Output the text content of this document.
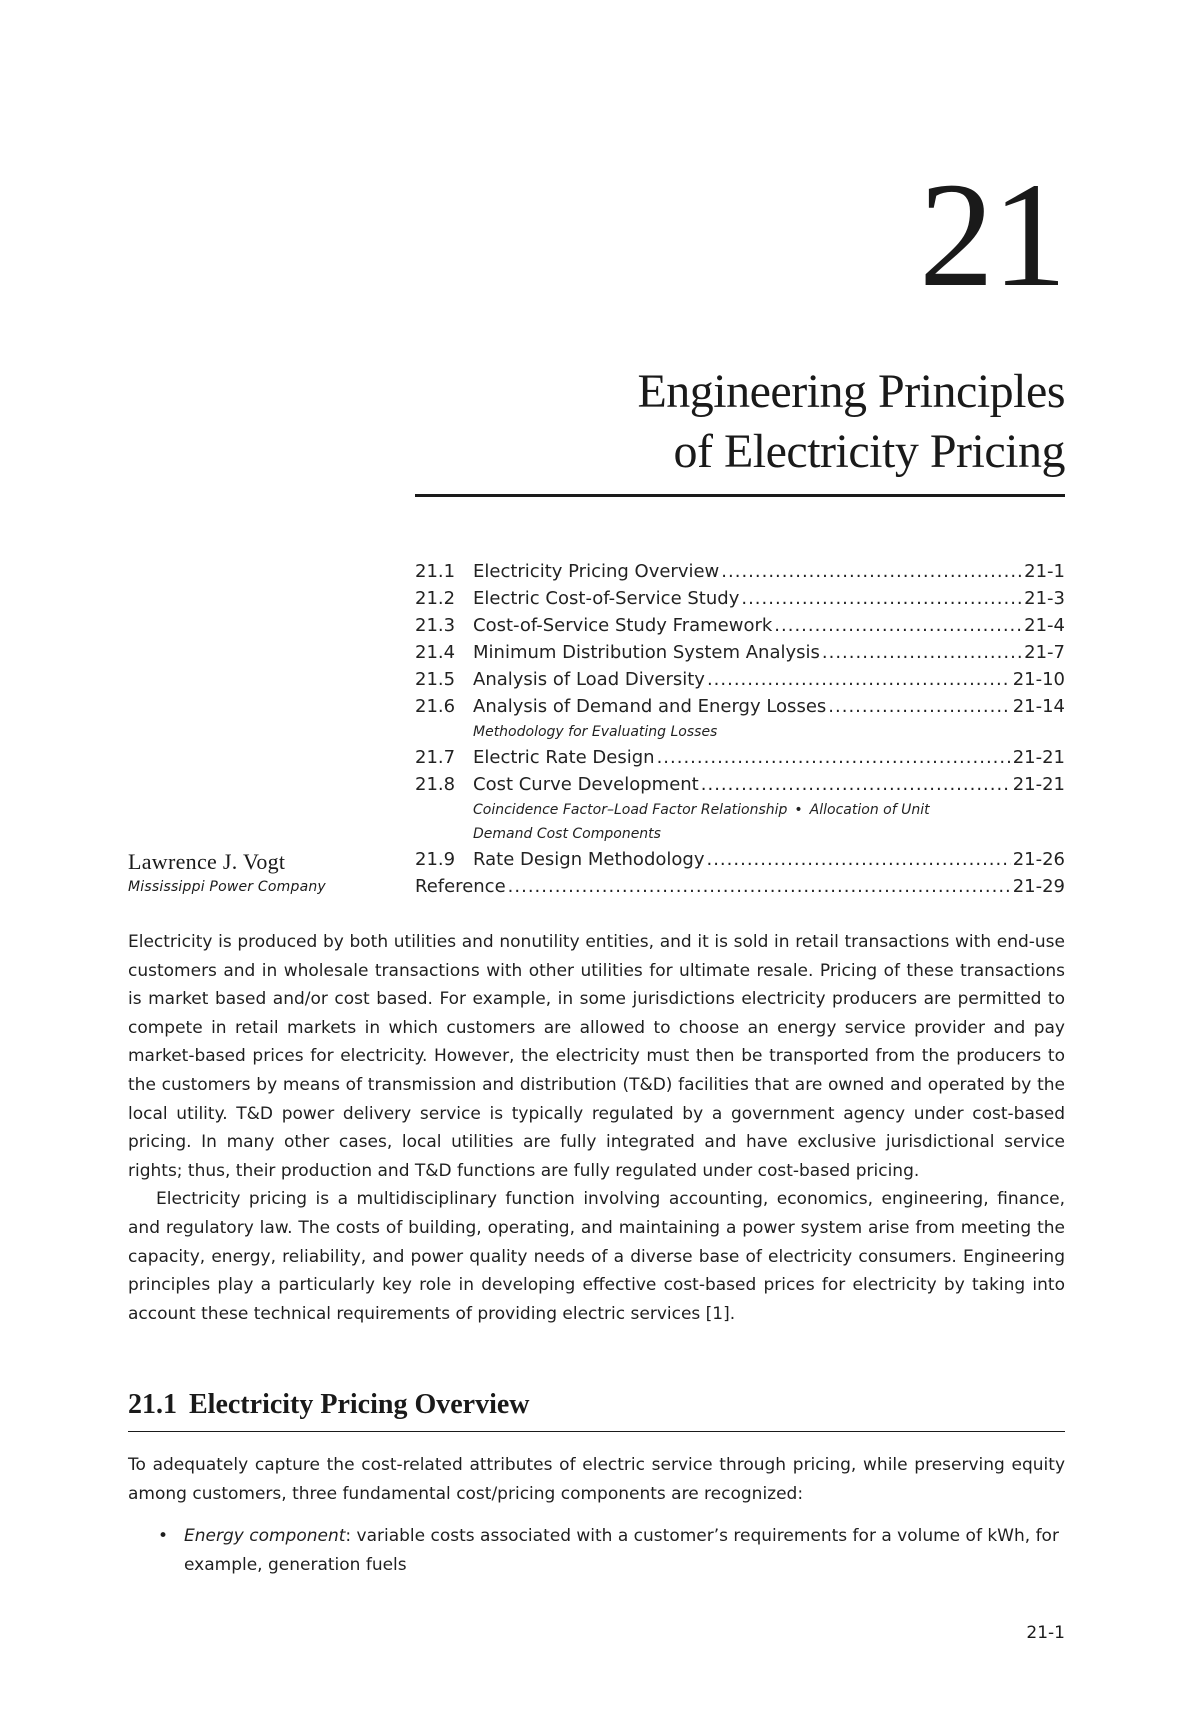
21
Engineering Principles
of Electricity Pricing
21.1 Electricity Pricing Overview .....	21-1
21.2 Electric Cost-of-Service Study .....	21-3
21.3 Cost-of-Service Study Framework .....	21-4
21.4 Minimum Distribution System Analysis .....	21-7
21.5 Analysis of Load Diversity .....	21-10
21.6 Analysis of Demand and Energy Losses .....	21-14
Methodology for Evaluating Losses
21.7 Electric Rate Design .....	21-21
21.8 Cost Curve Development .....	21-21
Coincidence Factor–Load Factor Relationship • Allocation of Unit
Demand Cost Components
21.9 Rate Design Methodology .....	21-26
Reference .....	21-29
Lawrence J. Vogt
Mississippi Power Company

Electricity is produced by both utilities and nonutility entities, and it is sold in retail transactions with end-use customers and in wholesale transactions with other utilities for ultimate resale. Pricing of these transactions is market based and/or cost based. For example, in some jurisdictions electricity producers are permitted to compete in retail markets in which customers are allowed to choose an energy service provider and pay market-based prices for electricity. However, the electricity must then be transported from the producers to the customers by means of transmission and distribution (T&D) facilities that are owned and operated by the local utility. T&D power delivery service is typically regulated by a government agency under cost-based pricing. In many other cases, local utilities are fully integrated and have exclusive jurisdictional service rights; thus, their production and T&D functions are fully regulated under cost-based pricing.

Electricity pricing is a multidisciplinary function involving accounting, economics, engineering, finance, and regulatory law. The costs of building, operating, and maintaining a power system arise from meeting the capacity, energy, reliability, and power quality needs of a diverse base of electricity consumers. Engineering principles play a particularly key role in developing effective cost-based prices for electricity by taking into account these technical requirements of providing electric services [1].

21.1 Electricity Pricing Overview

To adequately capture the cost-related attributes of electric service through pricing, while preserving equity among customers, three fundamental cost/pricing components are recognized:

• Energy component: variable costs associated with a customer’s requirements for a volume of kWh, for example, generation fuels
21-1
